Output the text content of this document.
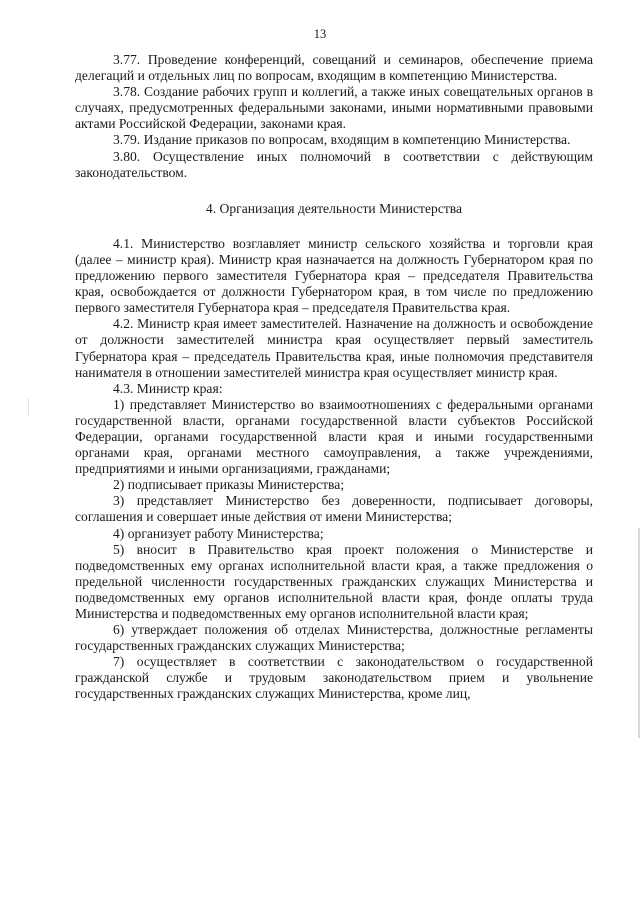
13

3.77. Проведение конференций, совещаний и семинаров, обеспечение приема делегаций и отдельных лиц по вопросам, входящим в компетенцию Министерства.

3.78. Создание рабочих групп и коллегий, а также иных совещательных органов в случаях, предусмотренных федеральными законами, иными нормативными правовыми актами Российской Федерации, законами края.

3.79. Издание приказов по вопросам, входящим в компетенцию Министерства.

3.80. Осуществление иных полномочий в соответствии с действующим законодательством.

4. Организация деятельности Министерства

4.1. Министерство возглавляет министр сельского хозяйства и торговли края (далее – министр края). Министр края назначается на должность Губернатором края по предложению первого заместителя Губернатора края – председателя Правительства края, освобождается от должности Губернатором края, в том числе по предложению первого заместителя Губернатора края – председателя Правительства края.

4.2. Министр края имеет заместителей. Назначение на должность и освобождение от должности заместителей министра края осуществляет первый заместитель Губернатора края – председатель Правительства края, иные полномочия представителя нанимателя в отношении заместителей министра края осуществляет министр края.

4.3. Министр края:

1) представляет Министерство во взаимоотношениях с федеральными органами государственной власти, органами государственной власти субъектов Российской Федерации, органами государственной власти края и иными государственными органами края, органами местного самоуправления, а также учреждениями, предприятиями и иными организациями, гражданами;

2) подписывает приказы Министерства;

3) представляет Министерство без доверенности, подписывает договоры, соглашения и совершает иные действия от имени Министерства;

4) организует работу Министерства;

5) вносит в Правительство края проект положения о Министерстве и подведомственных ему органах исполнительной власти края, а также предложения о предельной численности государственных гражданских служащих Министерства и подведомственных ему органов исполнительной власти края, фонде оплаты труда Министерства и подведомственных ему органов исполнительной власти края;

6) утверждает положения об отделах Министерства, должностные регламенты государственных гражданских служащих Министерства;

7) осуществляет в соответствии с законодательством о государственной гражданской службе и трудовым законодательством прием и увольнение государственных гражданских служащих Министерства, кроме лиц,
